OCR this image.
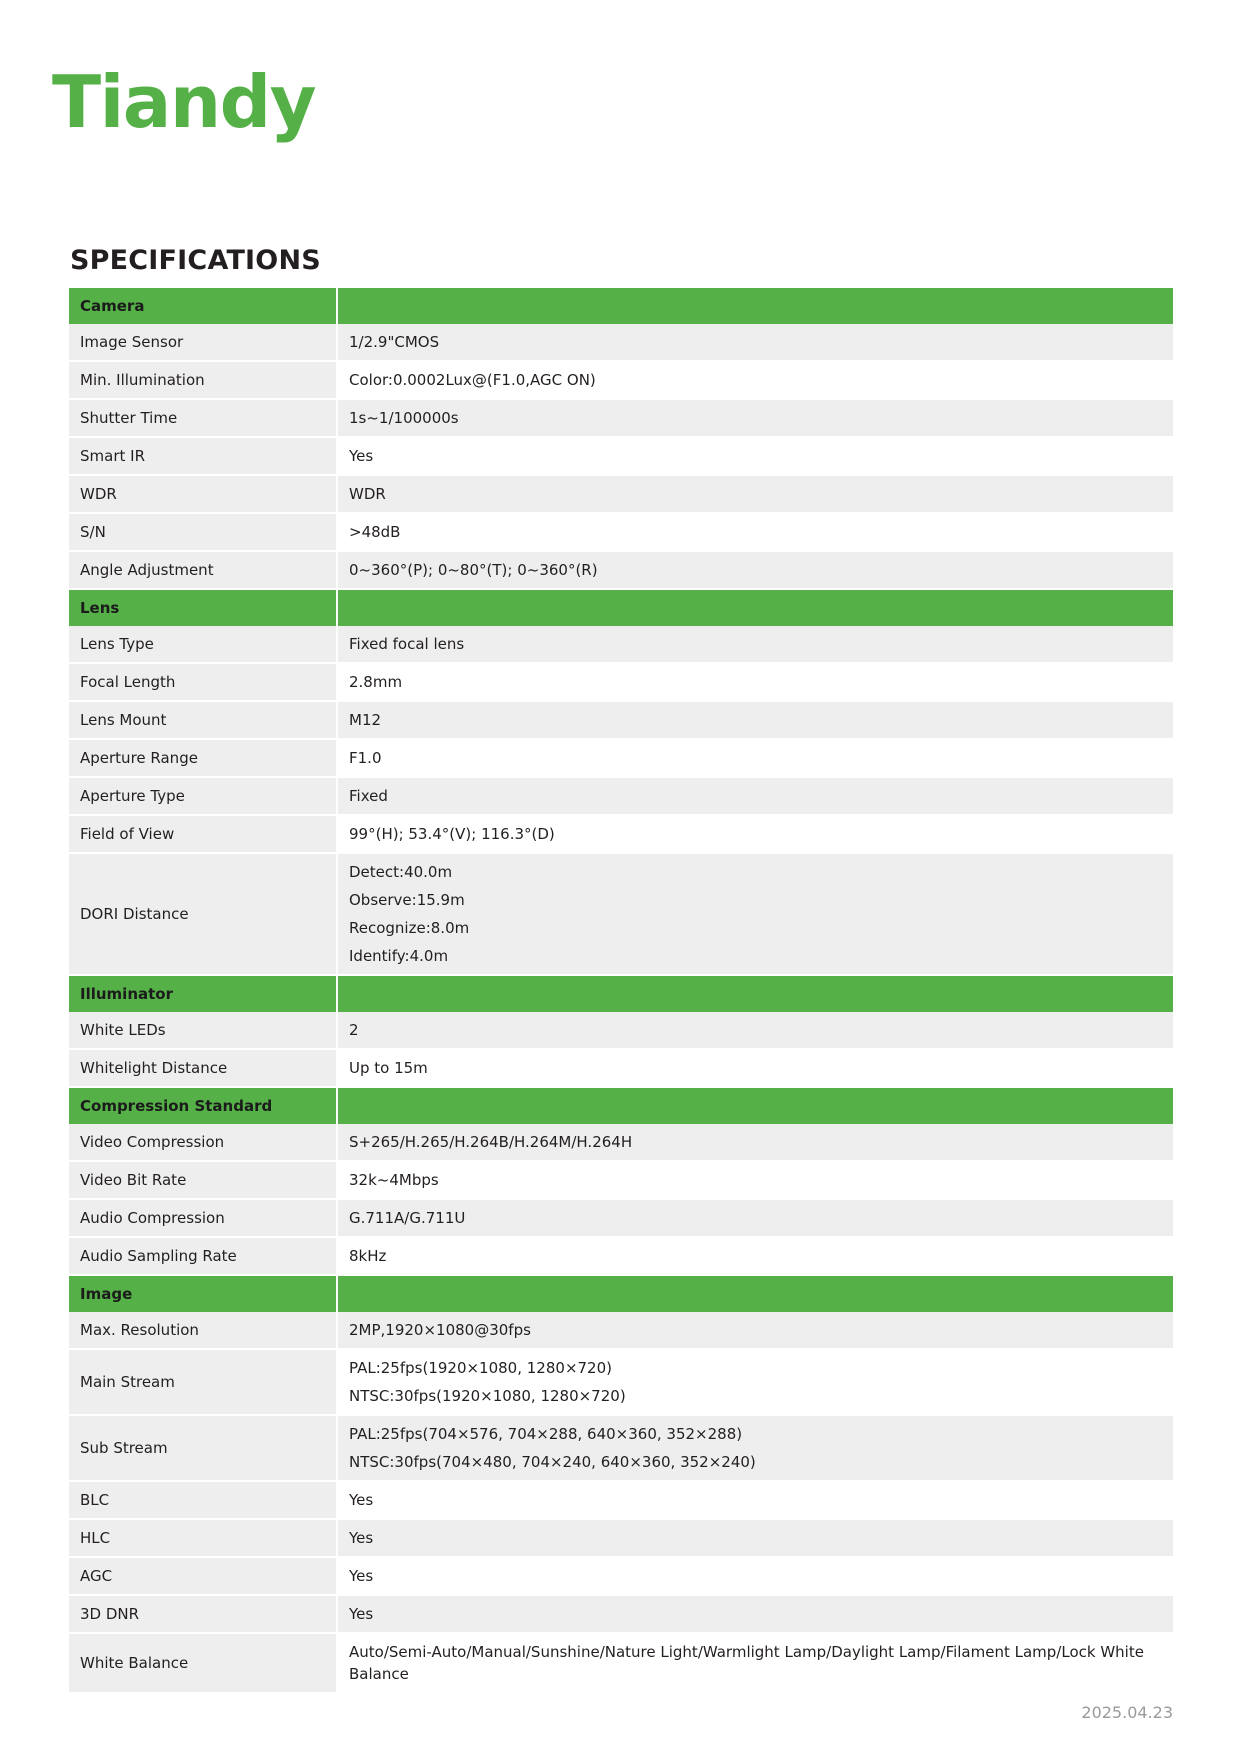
Tiandy
SPECIFICATIONS
Camera	
Image Sensor	1/2.9"CMOS
Min. Illumination	Color:0.0002Lux@(F1.0,AGC ON)
Shutter Time	1s~1/100000s
Smart IR	Yes
WDR	WDR
S/N	>48dB
Angle Adjustment	0~360°(P); 0~80°(T); 0~360°(R)
Lens	
Lens Type	Fixed focal lens
Focal Length	2.8mm
Lens Mount	M12
Aperture Range	F1.0
Aperture Type	Fixed
Field of View	99°(H); 53.4°(V); 116.3°(D)
DORI Distance	Detect:40.0m
Observe:15.9m
Recognize:8.0m
Identify:4.0m

Illuminator	
White LEDs	2
Whitelight Distance	Up to 15m
Compression Standard	
Video Compression	S+265/H.265/H.264B/H.264M/H.264H
Video Bit Rate	32k~4Mbps
Audio Compression	G.711A/G.711U
Audio Sampling Rate	8kHz
Image	
Max. Resolution	2MP,1920×1080@30fps
Main Stream	PAL:25fps(1920×1080, 1280×720)
NTSC:30fps(1920×1080, 1280×720)

Sub Stream	PAL:25fps(704×576, 704×288, 640×360, 352×288)
NTSC:30fps(704×480, 704×240, 640×360, 352×240)

BLC	Yes
HLC	Yes
AGC	Yes
3D DNR	Yes
White Balance	Auto/Semi-Auto/Manual/Sunshine/Nature Light/Warmlight Lamp/Daylight Lamp/Filament Lamp/Lock White Balance
2025.04.23
